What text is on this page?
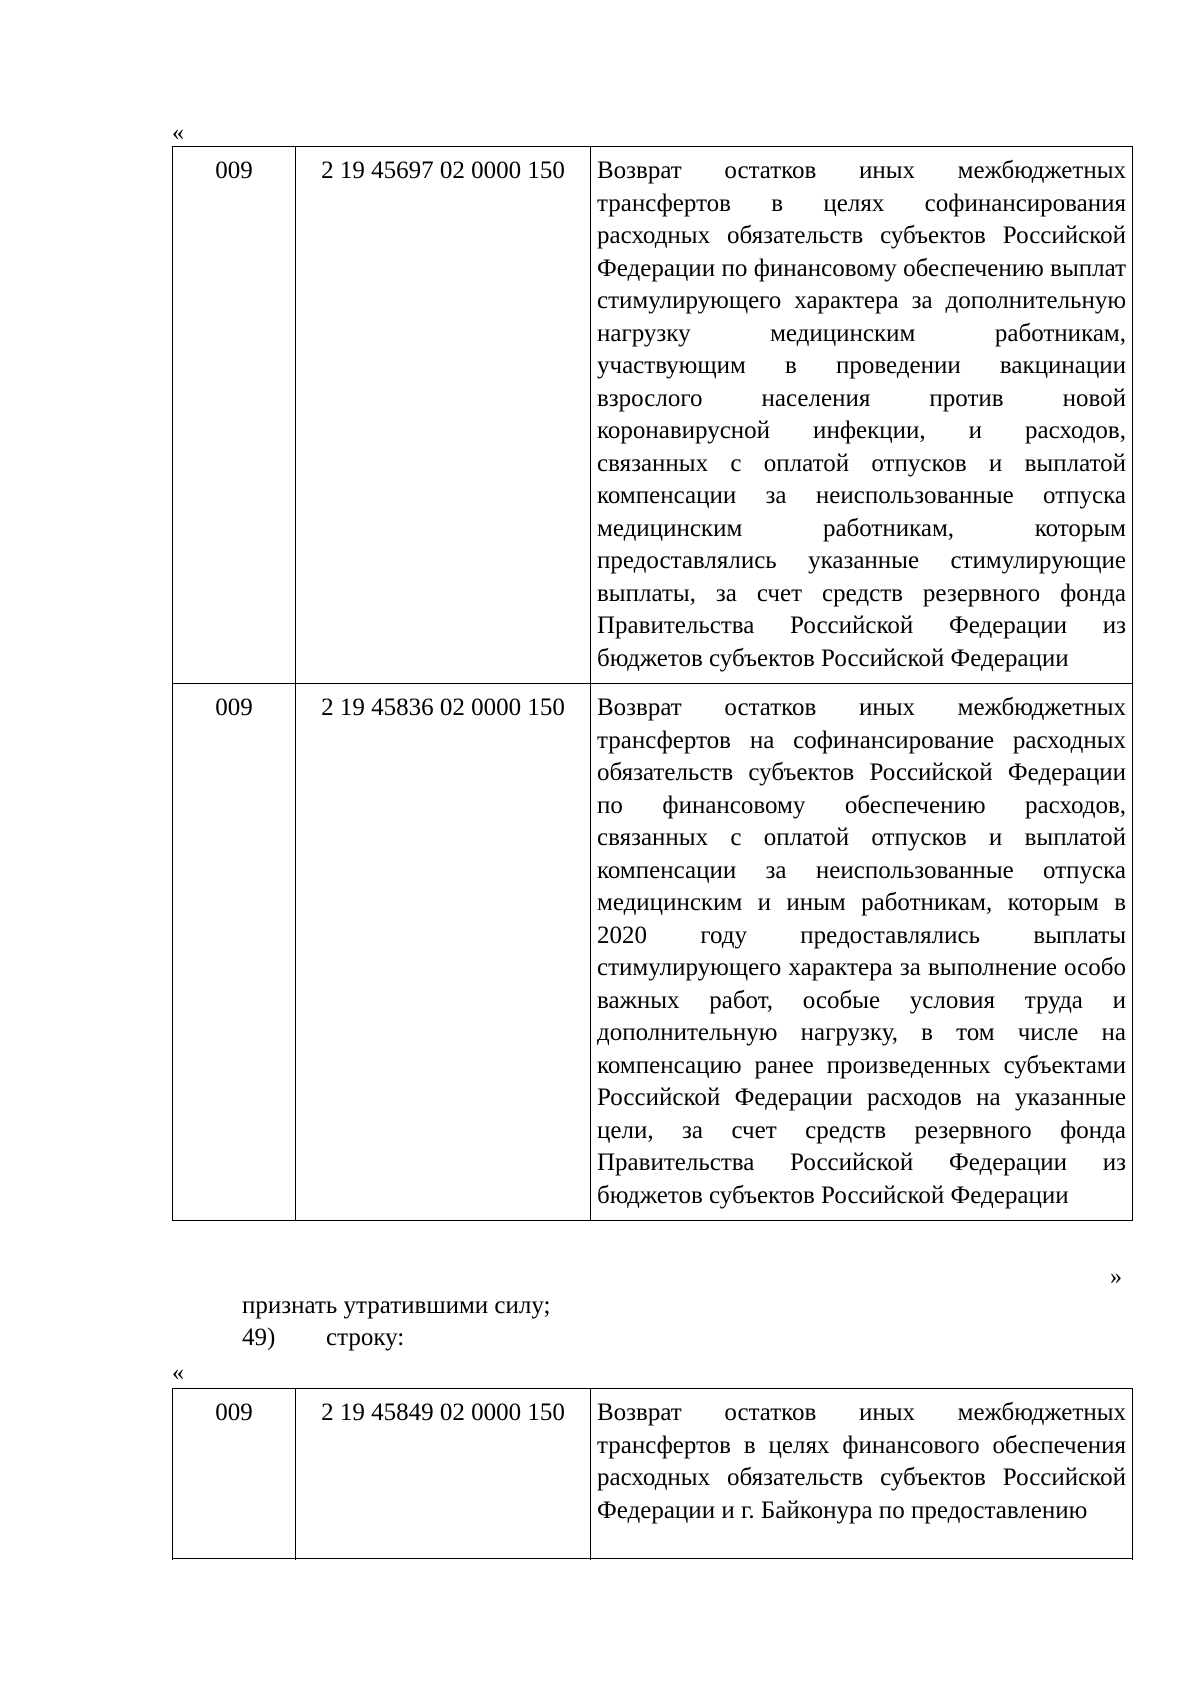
«
009	2 19 45697 02 0000 150	Возврат остатков иных межбюджетных трансфертов в целях софинансирования расходных обязательств субъектов Российской Федерации по финансовому обеспечению выплат стимулирующего характера за дополнительную нагрузку медицинским работникам, участвующим в проведении вакцинации взрослого населения против новой коронавирусной инфекции, и расходов, связанных с оплатой отпусков и выплатой компенсации за неиспользованные отпуска медицинским работникам, которым предоставлялись указанные стимулирующие выплаты, за счет средств резервного фонда Правительства Российской Федерации из бюджетов субъектов Российской Федерации
009	2 19 45836 02 0000 150	Возврат остатков иных межбюджетных трансфертов на софинансирование расходных обязательств субъектов Российской Федерации по финансовому обеспечению расходов, связанных с оплатой отпусков и выплатой компенсации за неиспользованные отпуска медицинским и иным работникам, которым в 2020 году предоставлялись выплаты стимулирующего характера за выполнение особо важных работ, особые условия труда и дополнительную нагрузку, в том числе на компенсацию ранее произведенных субъектами Российской Федерации расходов на указанные цели, за счет средств резервного фонда Правительства Российской Федерации из бюджетов субъектов Российской Федерации
»
признать утратившими силу;
49) строку:
«
009	2 19 45849 02 0000 150	Возврат остатков иных межбюджетных трансфертов в целях финансового обеспечения расходных обязательств субъектов Российской Федерации и г. Байконура по предоставлению
